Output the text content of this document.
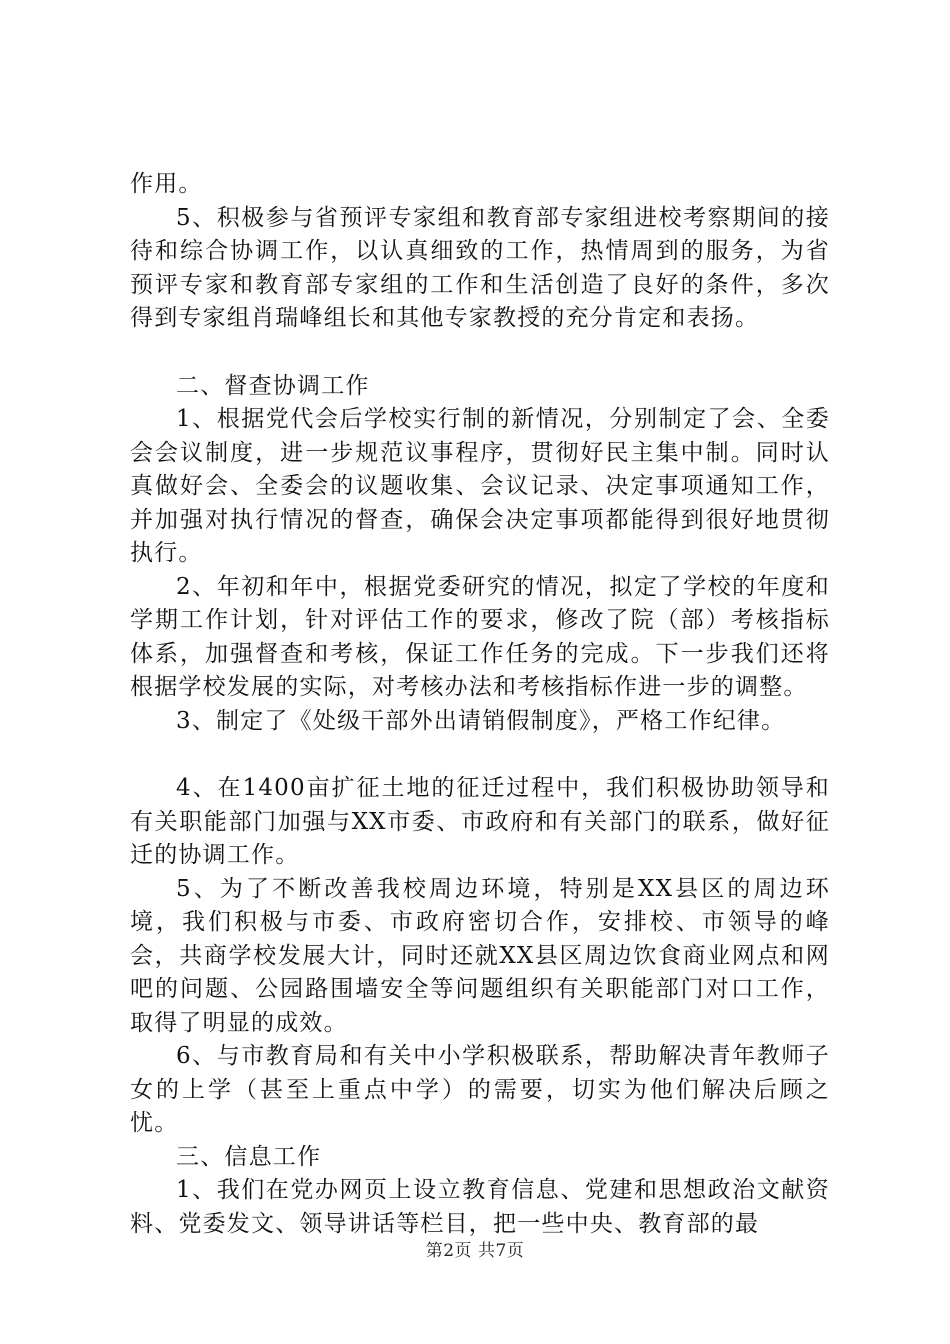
作用。

5、积极参与省预评专家组和教育部专家组进校考察期间的接待和综合协调工作，以认真细致的工作，热情周到的服务，为省预评专家和教育部专家组的工作和生活创造了良好的条件，多次得到专家组肖瑞峰组长和其他专家教授的充分肯定和表扬。

二、督查协调工作

1、根据党代会后学校实行制的新情况，分别制定了会、全委会会议制度，进一步规范议事程序，贯彻好民主集中制。同时认真做好会、全委会的议题收集、会议记录、决定事项通知工作，并加强对执行情况的督查，确保会决定事项都能得到很好地贯彻执行。

2、年初和年中，根据党委研究的情况，拟定了学校的年度和学期工作计划，针对评估工作的要求，修改了院（部）考核指标体系，加强督查和考核，保证工作任务的完成。下一步我们还将根据学校发展的实际，对考核办法和考核指标作进一步的调整。

3、制定了《处级干部外出请销假制度》，严格工作纪律。

4、在1400亩扩征土地的征迁过程中，我们积极协助领导和有关职能部门加强与XX市委、市政府和有关部门的联系，做好征迁的协调工作。

5、为了不断改善我校周边环境，特别是XX县区的周边环境，我们积极与市委、市政府密切合作，安排校、市领导的峰会，共商学校发展大计，同时还就XX县区周边饮食商业网点和网吧的问题、公园路围墙安全等问题组织有关职能部门对口工作，取得了明显的成效。

6、与市教育局和有关中小学积极联系，帮助解决青年教师子女的上学（甚至上重点中学）的需要，切实为他们解决后顾之忧。

三、信息工作

1、我们在党办网页上设立教育信息、党建和思想政治文献资料、党委发文、领导讲话等栏目，把一些中央、教育部的最

第2页 共7页
